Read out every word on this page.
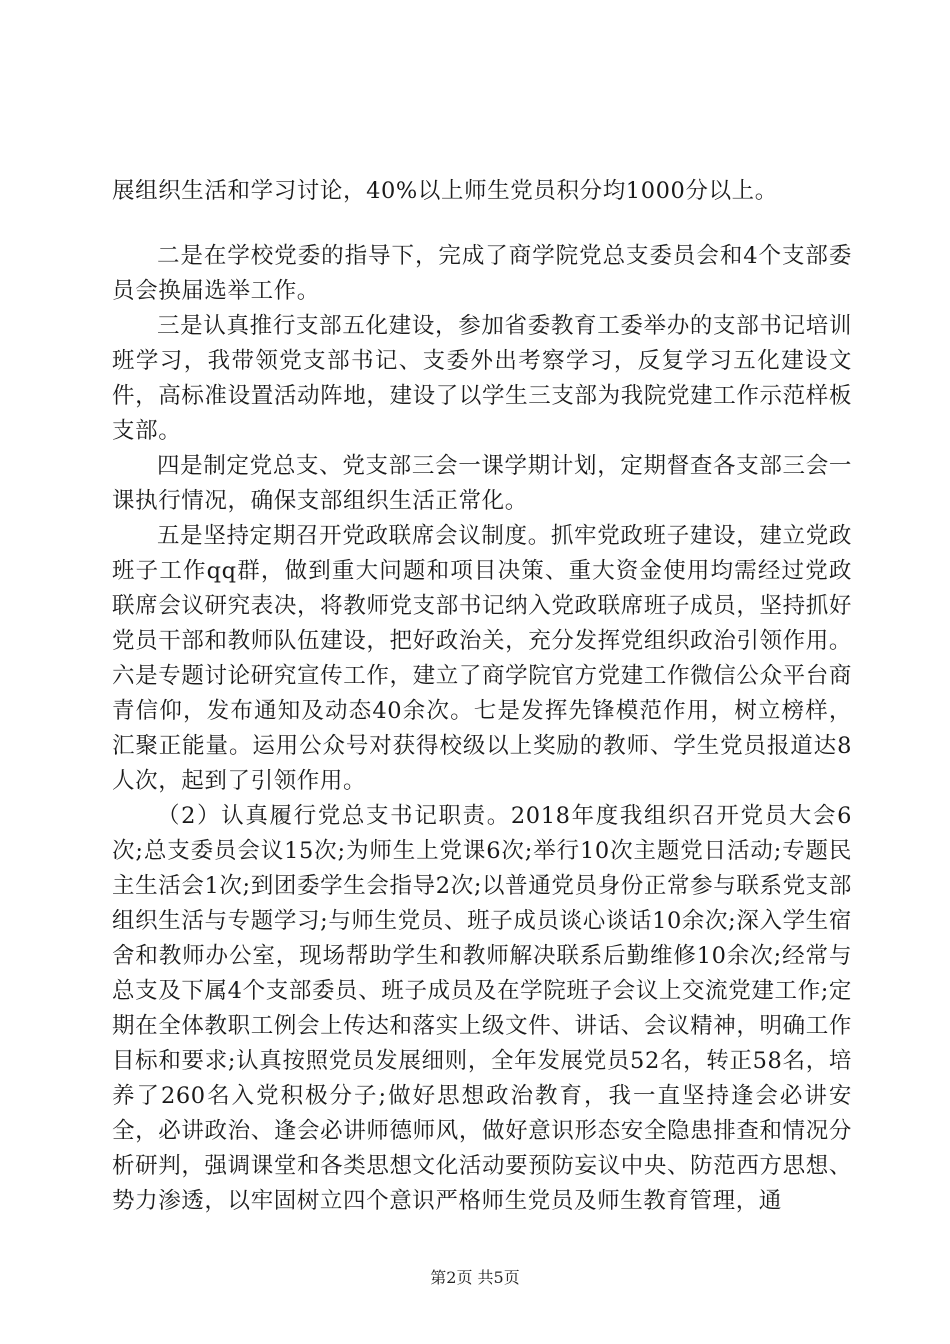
展组织生活和学习讨论，40%以上师生党员积分均1000分以上。

二是在学校党委的指导下，完成了商学院党总支委员会和4个支部委员会换届选举工作。

三是认真推行支部五化建设，参加省委教育工委举办的支部书记培训班学习，我带领党支部书记、支委外出考察学习，反复学习五化建设文件，高标准设置活动阵地，建设了以学生三支部为我院党建工作示范样板支部。

四是制定党总支、党支部三会一课学期计划，定期督查各支部三会一课执行情况，确保支部组织生活正常化。

五是坚持定期召开党政联席会议制度。抓牢党政班子建设，建立党政班子工作qq群，做到重大问题和项目决策、重大资金使用均需经过党政联席会议研究表决，将教师党支部书记纳入党政联席班子成员，坚持抓好党员干部和教师队伍建设，把好政治关，充分发挥党组织政治引领作用。六是专题讨论研究宣传工作，建立了商学院官方党建工作微信公众平台商青信仰，发布通知及动态40余次。七是发挥先锋模范作用，树立榜样，汇聚正能量。运用公众号对获得校级以上奖励的教师、学生党员报道达8人次，起到了引领作用。

（2）认真履行党总支书记职责。2018年度我组织召开党员大会6次;总支委员会议15次;为师生上党课6次;举行10次主题党日活动;专题民主生活会1次;到团委学生会指导2次;以普通党员身份正常参与联系党支部组织生活与专题学习;与师生党员、班子成员谈心谈话10余次;深入学生宿舍和教师办公室，现场帮助学生和教师解决联系后勤维修10余次;经常与总支及下属4个支部委员、班子成员及在学院班子会议上交流党建工作;定期在全体教职工例会上传达和落实上级文件、讲话、会议精神，明确工作目标和要求;认真按照党员发展细则，全年发展党员52名，转正58名，培养了260名入党积极分子;做好思想政治教育，我一直坚持逢会必讲安全，必讲政治、逢会必讲师德师风，做好意识形态安全隐患排查和情况分析研判，强调课堂和各类思想文化活动要预防妄议中央、防范西方思想、势力渗透，以牢固树立四个意识严格师生党员及师生教育管理，通

第2页 共5页
